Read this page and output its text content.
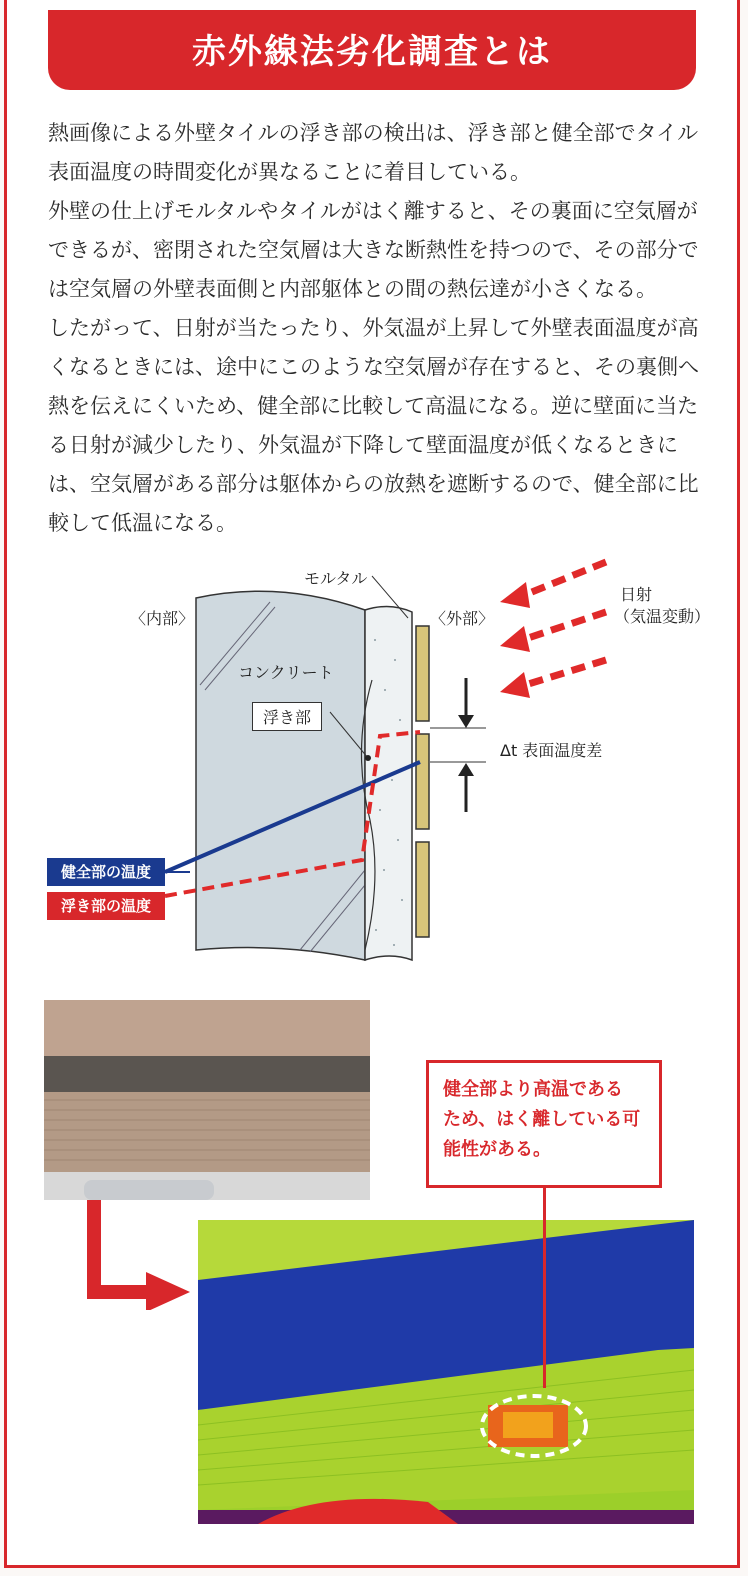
赤外線法劣化調査とは

熱画像による外壁タイルの浮き部の検出は、浮き部と健全部でタイル表面温度の時間変化が異なることに着目している。

外壁の仕上げモルタルやタイルがはく離すると、その裏面に空気層ができるが、密閉された空気層は大きな断熱性を持つので、その部分では空気層の外壁表面側と内部躯体との間の熱伝達が小さくなる。

したがって、日射が当たったり、外気温が上昇して外壁表面温度が高くなるときには、途中にこのような空気層が存在すると、その裏側へ熱を伝えにくいため、健全部に比較して高温になる。逆に壁面に当たる日射が減少したり、外気温が下降して壁面温度が低くなるときには、空気層がある部分は躯体からの放熱を遮断するので、健全部に比較して低温になる。

モルタル
〈内部〉	〈外部〉
日射
（気温変動）
コンクリート
浮き部
Δt 表面温度差
健全部の温度
浮き部の温度
健全部より高温である
ため、はく離している可
能性がある。
